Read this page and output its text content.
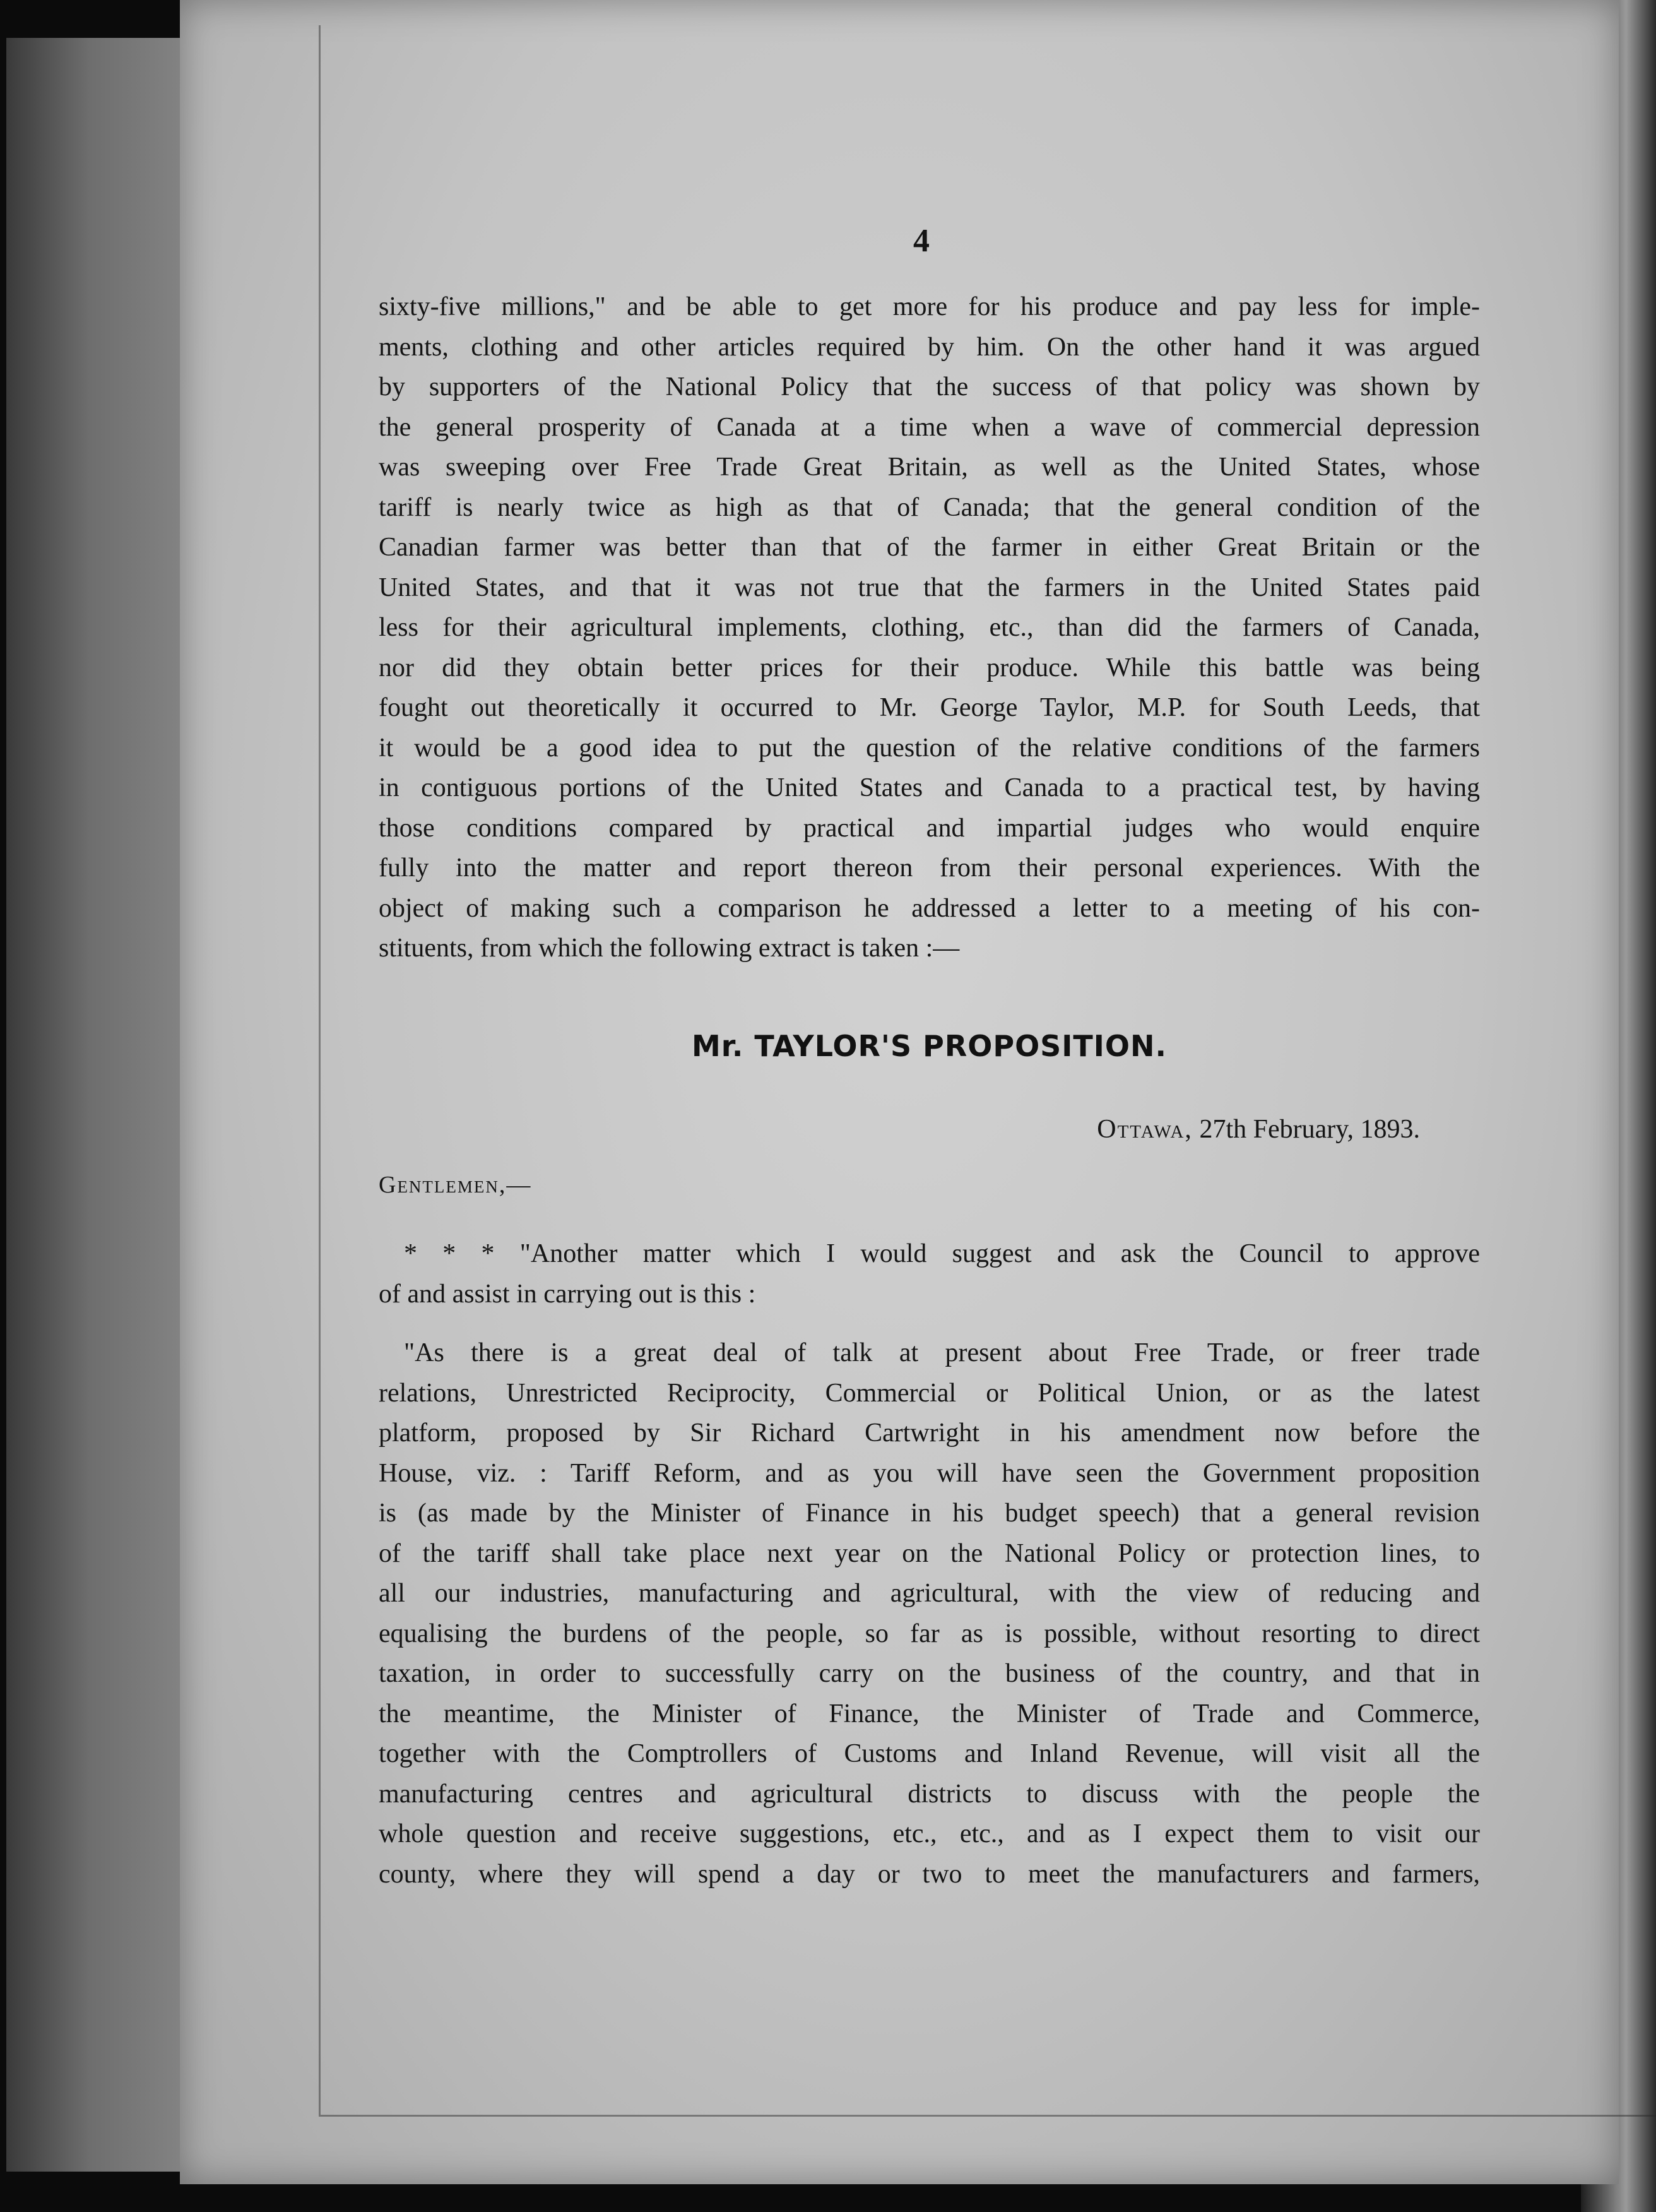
4
sixty-five millions," and be able to get more for his produce and pay less for imple-
ments, clothing and other articles required by him. On the other hand it was argued
by supporters of the National Policy that the success of that policy was shown by
the general prosperity of Canada at a time when a wave of commercial depression
was sweeping over Free Trade Great Britain, as well as the United States, whose
tariff is nearly twice as high as that of Canada; that the general condition of the
Canadian farmer was better than that of the farmer in either Great Britain or the
United States, and that it was not true that the farmers in the United States paid
less for their agricultural implements, clothing, etc., than did the farmers of Canada,
nor did they obtain better prices for their produce. While this battle was being
fought out theoretically it occurred to Mr. George Taylor, M.P. for South Leeds, that
it would be a good idea to put the question of the relative conditions of the farmers
in contiguous portions of the United States and Canada to a practical test, by having
those conditions compared by practical and impartial judges who would enquire
fully into the matter and report thereon from their personal experiences. With the
object of making such a comparison he addressed a letter to a meeting of his con-
stituents, from which the following extract is taken :—
Mr. TAYLOR'S PROPOSITION.
Ottawa, 27th February, 1893.
Gentlemen,—
* * * "Another matter which I would suggest and ask the Council to approve
of and assist in carrying out is this :
"As there is a great deal of talk at present about Free Trade, or freer trade
relations, Unrestricted Reciprocity, Commercial or Political Union, or as the latest
platform, proposed by Sir Richard Cartwright in his amendment now before the
House, viz. : Tariff Reform, and as you will have seen the Government proposition
is (as made by the Minister of Finance in his budget speech) that a general revision
of the tariff shall take place next year on the National Policy or protection lines, to
all our industries, manufacturing and agricultural, with the view of reducing and
equalising the burdens of the people, so far as is possible, without resorting to direct
taxation, in order to successfully carry on the business of the country, and that in
the meantime, the Minister of Finance, the Minister of Trade and Commerce,
together with the Comptrollers of Customs and Inland Revenue, will visit all the
manufacturing centres and agricultural districts to discuss with the people the
whole question and receive suggestions, etc., etc., and as I expect them to visit our
county, where they will spend a day or two to meet the manufacturers and farmers,
